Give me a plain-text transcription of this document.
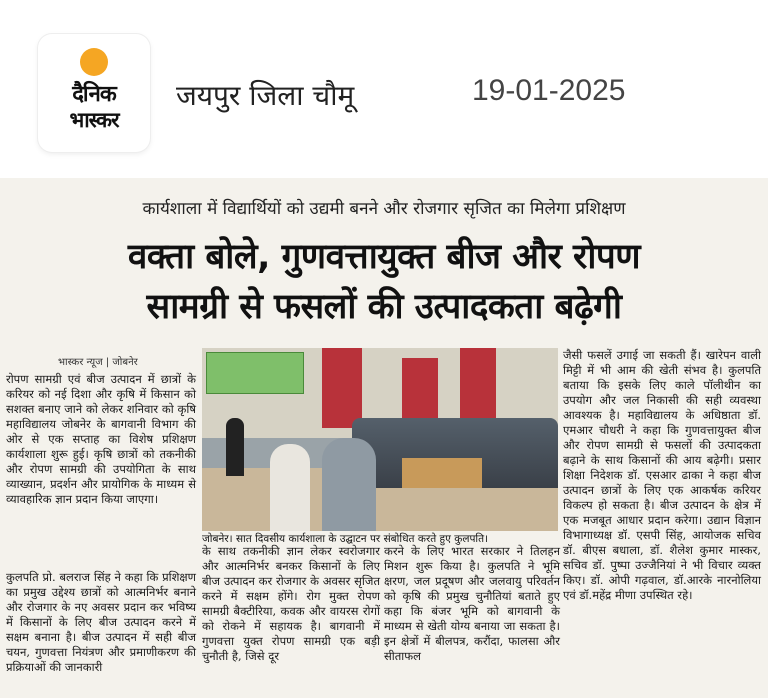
दैनिक
भास्कर
जयपुर जिला चौमू	19-01-2025
कार्यशाला में विद्यार्थियों को उद्यमी बनने और रोजगार सृजित का मिलेगा प्रशिक्षण
वक्ता बोले, गुणवत्तायुक्त बीज और रोपण
सामग्री से फसलों की उत्पादकता बढ़ेगी
भास्कर न्यूज | जोबनेर

रोपण सामग्री एवं बीज उत्पादन में छात्रों के करियर को नई दिशा और कृषि में किसान को सशक्त बनाए जाने को लेकर शनिवार को कृषि महाविद्यालय जोबनेर के बागवानी विभाग की ओर से एक सप्ताह का विशेष प्रशिक्षण कार्यशाला शुरू हुई। कृषि छात्रों को तकनीकी और रोपण सामग्री की उपयोगिता के साथ व्याख्यान, प्रदर्शन और प्रायोगिक के माध्यम से व्यावहारिक ज्ञान प्रदान किया जाएगा।

जोबनेर। सात दिवसीय कार्यशाला के उद्घाटन पर संबोधित करते हुए कुलपति।

जैसी फसलें उगाई जा सकती हैं। खारेपन वाली मिट्टी में भी आम की खेती संभव है। कुलपति बताया कि इसके लिए काले पॉलीथीन का उपयोग और जल निकासी की सही व्यवस्था आवश्यक है। महाविद्यालय के अधिष्ठाता डॉ. एमआर चौधरी ने कहा कि गुणवत्तायुक्त बीज और रोपण सामग्री से फसलों की उत्पादकता बढ़ाने के साथ किसानों की आय बढ़ेगी। प्रसार शिक्षा निदेशक डॉ. एसआर ढाका ने कहा बीज उत्पादन छात्रों के लिए एक आकर्षक करियर विकल्प हो सकता है। बीज उत्पादन के क्षेत्र में एक मजबूत आधार प्रदान करेगा। उद्यान विज्ञान विभागाध्यक्ष डॉ. एसपी सिंह, आयोजक सचिव डॉ. बीएस बधाला, डॉ. शैलेश कुमार मास्कर, सचिव डॉ. पुष्पा उज्जैनियां ने भी विचार व्यक्त किए। डॉ. ओपी गढ़वाल, डॉ.आरके नारनोलिया एवं डॉ.महेंद्र मीणा उपस्थित रहे।

कुलपति प्रो. बलराज सिंह ने कहा कि प्रशिक्षण का प्रमुख उद्देश्य छात्रों को आत्मनिर्भर बनाने और रोजगार के नए अवसर प्रदान कर भविष्य में किसानों के लिए बीज उत्पादन करने में सक्षम बनाना है। बीज उत्पादन में सही बीज चयन, गुणवत्ता नियंत्रण और प्रमाणीकरण की प्रक्रियाओं की जानकारी

के साथ तकनीकी ज्ञान लेकर स्वरोजगार और आत्मनिर्भर बनकर किसानों के लिए बीज उत्पादन कर रोजगार के अवसर सृजित करने में सक्षम होंगे। रोग मुक्त रोपण सामग्री बैक्टीरिया, कवक और वायरस रोगों को रोकने में सहायक है। बागवानी में गुणवत्ता युक्त रोपण सामग्री एक बड़ी चुनौती है, जिसे दूर

करने के लिए भारत सरकार ने तिलहन मिशन शुरू किया है। कुलपति ने भूमि क्षरण, जल प्रदूषण और जलवायु परिवर्तन को कृषि की प्रमुख चुनौतियां बताते हुए कहा कि बंजर भूमि को बागवानी के माध्यम से खेती योग्य बनाया जा सकता है। इन क्षेत्रों में बीलपत्र, करौंदा, फालसा और सीताफल
